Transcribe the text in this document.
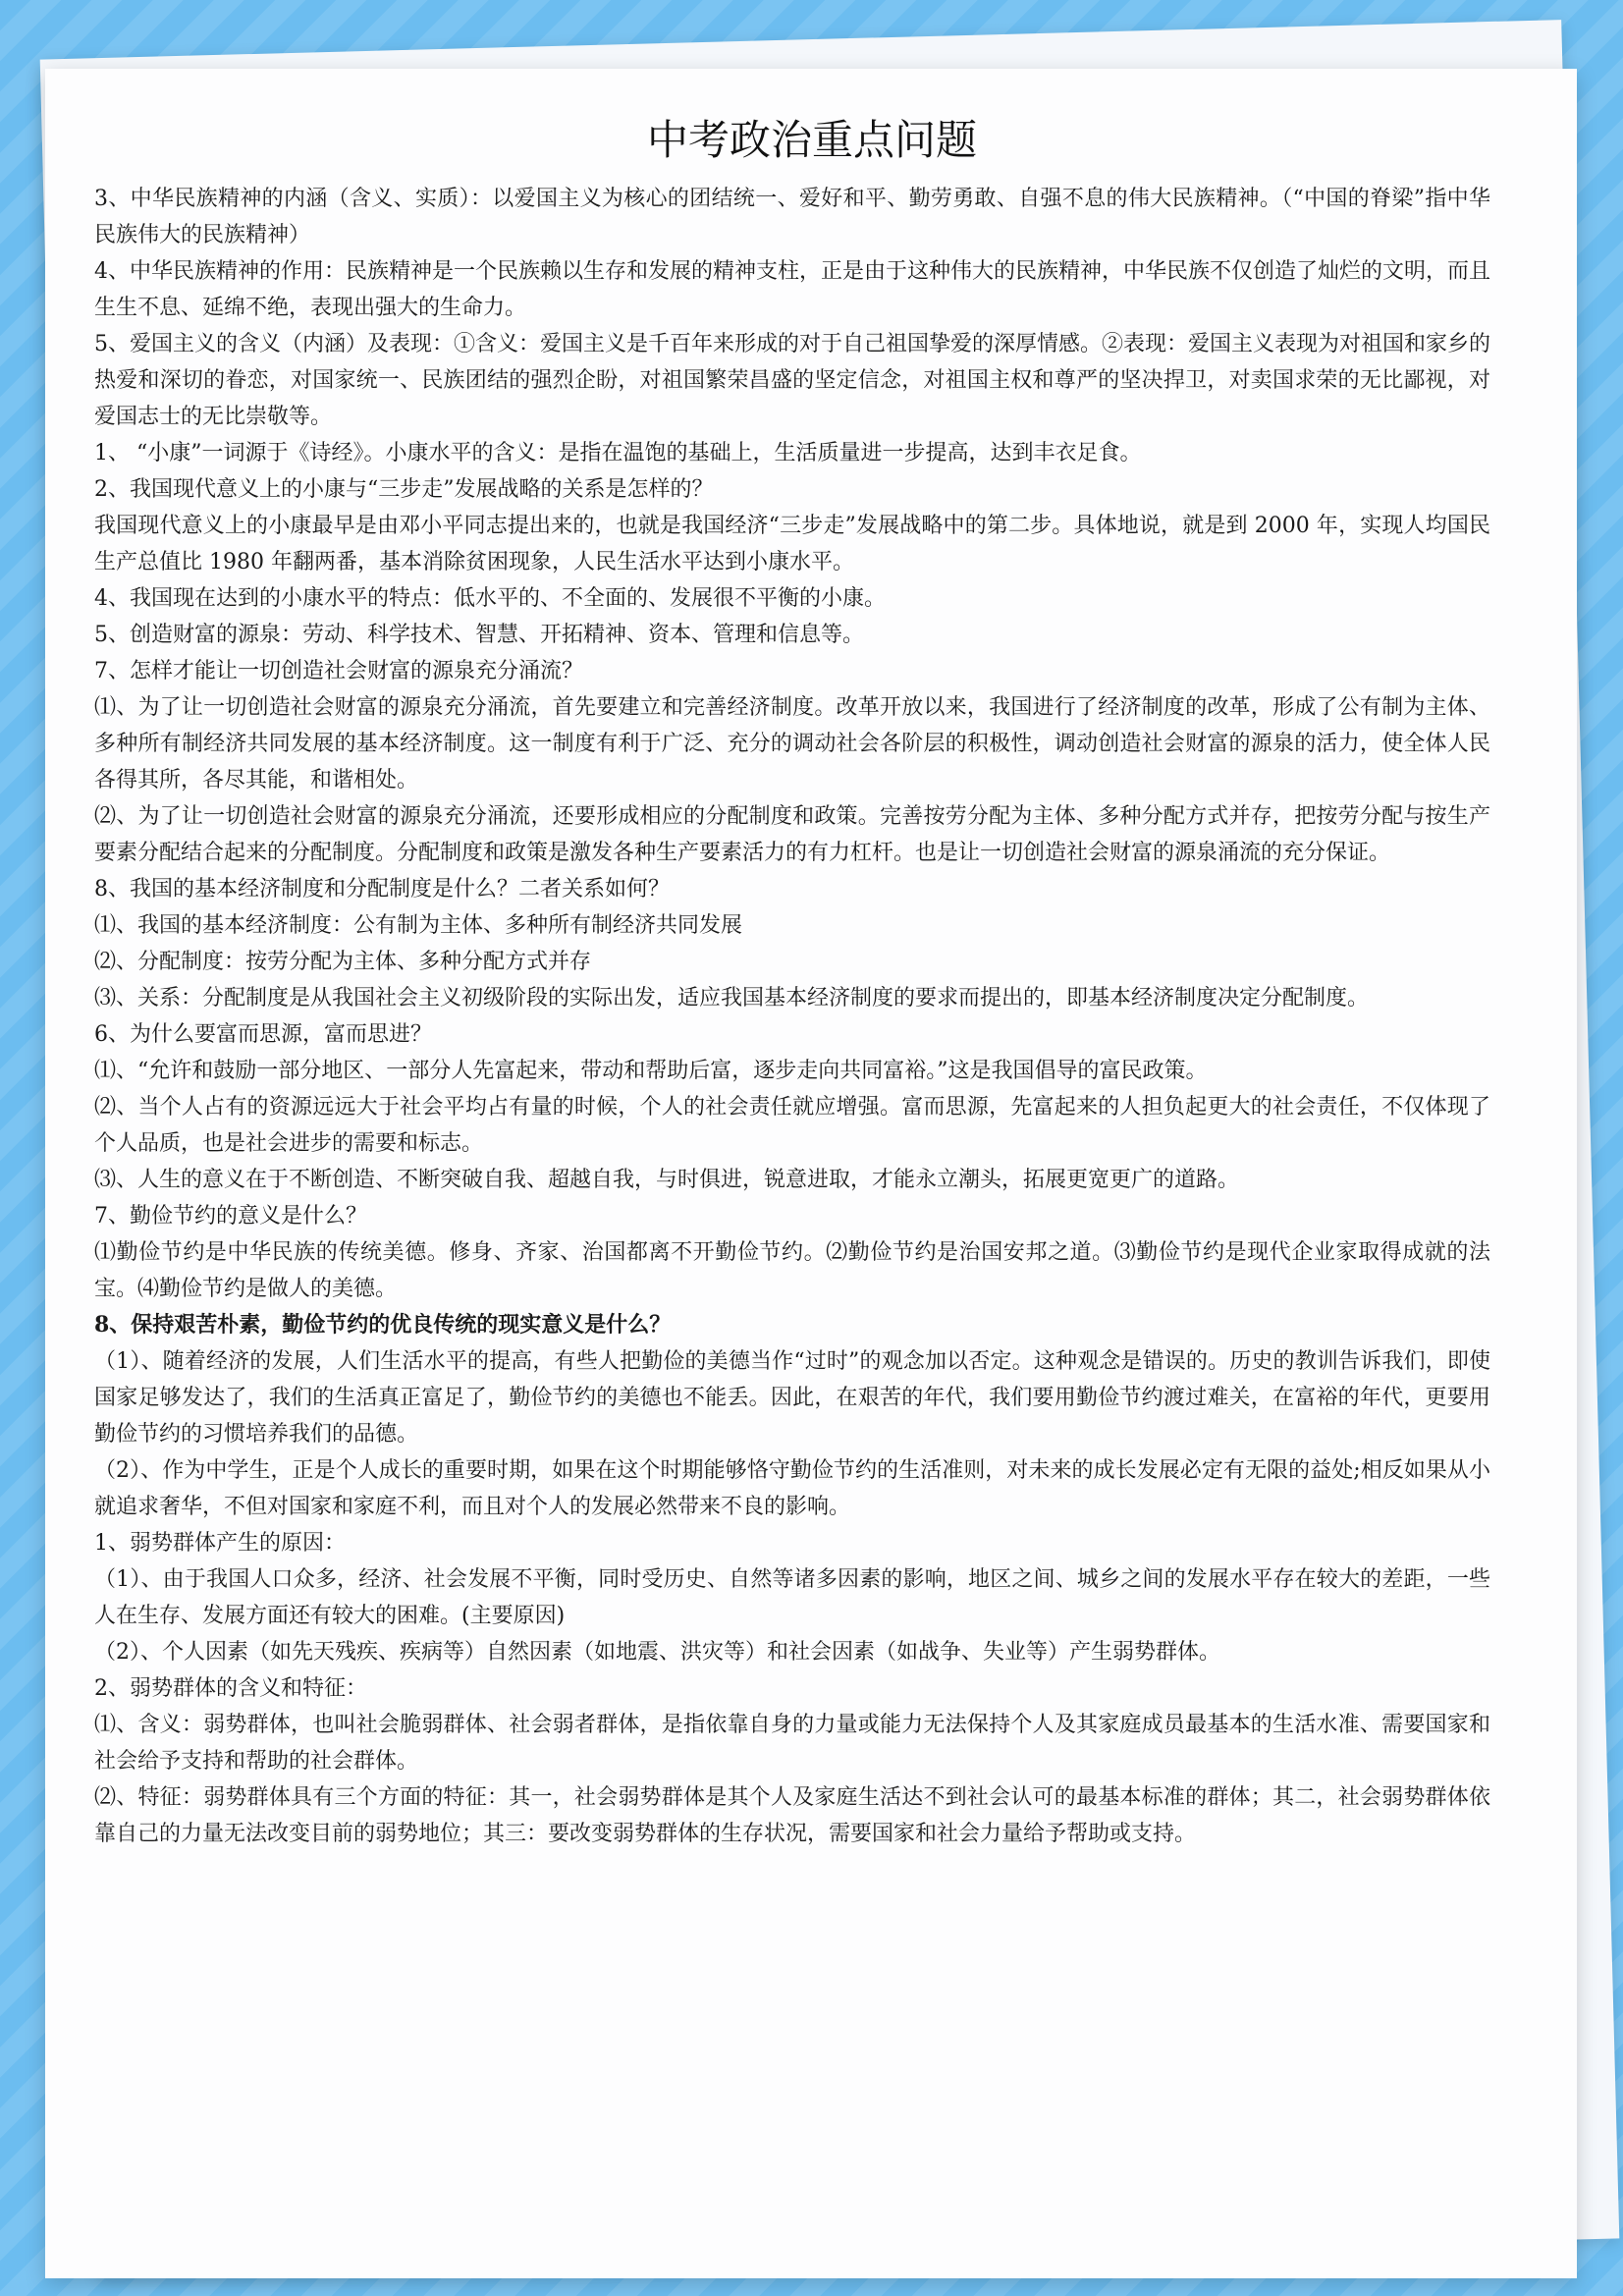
中考政治重点问题

3、中华民族精神的内涵（含义、实质）：以爱国主义为核心的团结统一、爱好和平、勤劳勇敢、自强不息的伟大民族精神。（“中国的脊梁”指中华民族伟大的民族精神）

4、中华民族精神的作用：民族精神是一个民族赖以生存和发展的精神支柱，正是由于这种伟大的民族精神，中华民族不仅创造了灿烂的文明，而且生生不息、延绵不绝，表现出强大的生命力。

5、爱国主义的含义（内涵）及表现：①含义：爱国主义是千百年来形成的对于自己祖国挚爱的深厚情感。②表现：爱国主义表现为对祖国和家乡的热爱和深切的眷恋，对国家统一、民族团结的强烈企盼，对祖国繁荣昌盛的坚定信念，对祖国主权和尊严的坚决捍卫，对卖国求荣的无比鄙视，对爱国志士的无比崇敬等。

1、 “小康”一词源于《诗经》。小康水平的含义：是指在温饱的基础上，生活质量进一步提高，达到丰衣足食。

2、我国现代意义上的小康与“三步走”发展战略的关系是怎样的？

我国现代意义上的小康最早是由邓小平同志提出来的，也就是我国经济“三步走”发展战略中的第二步。具体地说，就是到 2000 年，实现人均国民生产总值比 1980 年翻两番，基本消除贫困现象，人民生活水平达到小康水平。

4、我国现在达到的小康水平的特点：低水平的、不全面的、发展很不平衡的小康。

5、创造财富的源泉：劳动、科学技术、智慧、开拓精神、资本、管理和信息等。

7、怎样才能让一切创造社会财富的源泉充分涌流？

⑴、为了让一切创造社会财富的源泉充分涌流，首先要建立和完善经济制度。改革开放以来，我国进行了经济制度的改革，形成了公有制为主体、多种所有制经济共同发展的基本经济制度。这一制度有利于广泛、充分的调动社会各阶层的积极性，调动创造社会财富的源泉的活力，使全体人民各得其所，各尽其能，和谐相处。

⑵、为了让一切创造社会财富的源泉充分涌流，还要形成相应的分配制度和政策。完善按劳分配为主体、多种分配方式并存，把按劳分配与按生产要素分配结合起来的分配制度。分配制度和政策是激发各种生产要素活力的有力杠杆。也是让一切创造社会财富的源泉涌流的充分保证。

8、我国的基本经济制度和分配制度是什么？二者关系如何？

⑴、我国的基本经济制度：公有制为主体、多种所有制经济共同发展

⑵、分配制度：按劳分配为主体、多种分配方式并存

⑶、关系：分配制度是从我国社会主义初级阶段的实际出发，适应我国基本经济制度的要求而提出的，即基本经济制度决定分配制度。

6、为什么要富而思源，富而思进？

⑴、“允许和鼓励一部分地区、一部分人先富起来，带动和帮助后富，逐步走向共同富裕。”这是我国倡导的富民政策。

⑵、当个人占有的资源远远大于社会平均占有量的时候，个人的社会责任就应增强。富而思源，先富起来的人担负起更大的社会责任，不仅体现了个人品质，也是社会进步的需要和标志。

⑶、人生的意义在于不断创造、不断突破自我、超越自我，与时俱进，锐意进取，才能永立潮头，拓展更宽更广的道路。

7、勤俭节约的意义是什么？

⑴勤俭节约是中华民族的传统美德。修身、齐家、治国都离不开勤俭节约。⑵勤俭节约是治国安邦之道。⑶勤俭节约是现代企业家取得成就的法宝。⑷勤俭节约是做人的美德。

8、保持艰苦朴素，勤俭节约的优良传统的现实意义是什么？

（1）、随着经济的发展，人们生活水平的提高，有些人把勤俭的美德当作“过时”的观念加以否定。这种观念是错误的。历史的教训告诉我们，即使国家足够发达了，我们的生活真正富足了，勤俭节约的美德也不能丢。因此，在艰苦的年代，我们要用勤俭节约渡过难关，在富裕的年代，更要用勤俭节约的习惯培养我们的品德。

（2）、作为中学生，正是个人成长的重要时期，如果在这个时期能够恪守勤俭节约的生活准则，对未来的成长发展必定有无限的益处;相反如果从小就追求奢华，不但对国家和家庭不利，而且对个人的发展必然带来不良的影响。

1、弱势群体产生的原因：

（1）、由于我国人口众多，经济、社会发展不平衡，同时受历史、自然等诸多因素的影响，地区之间、城乡之间的发展水平存在较大的差距，一些人在生存、发展方面还有较大的困难。(主要原因)

（2）、个人因素（如先天残疾、疾病等）自然因素（如地震、洪灾等）和社会因素（如战争、失业等）产生弱势群体。

2、弱势群体的含义和特征：

⑴、含义：弱势群体，也叫社会脆弱群体、社会弱者群体，是指依靠自身的力量或能力无法保持个人及其家庭成员最基本的生活水准、需要国家和社会给予支持和帮助的社会群体。

⑵、特征：弱势群体具有三个方面的特征：其一，社会弱势群体是其个人及家庭生活达不到社会认可的最基本标准的群体；其二，社会弱势群体依靠自己的力量无法改变目前的弱势地位；其三：要改变弱势群体的生存状况，需要国家和社会力量给予帮助或支持。
